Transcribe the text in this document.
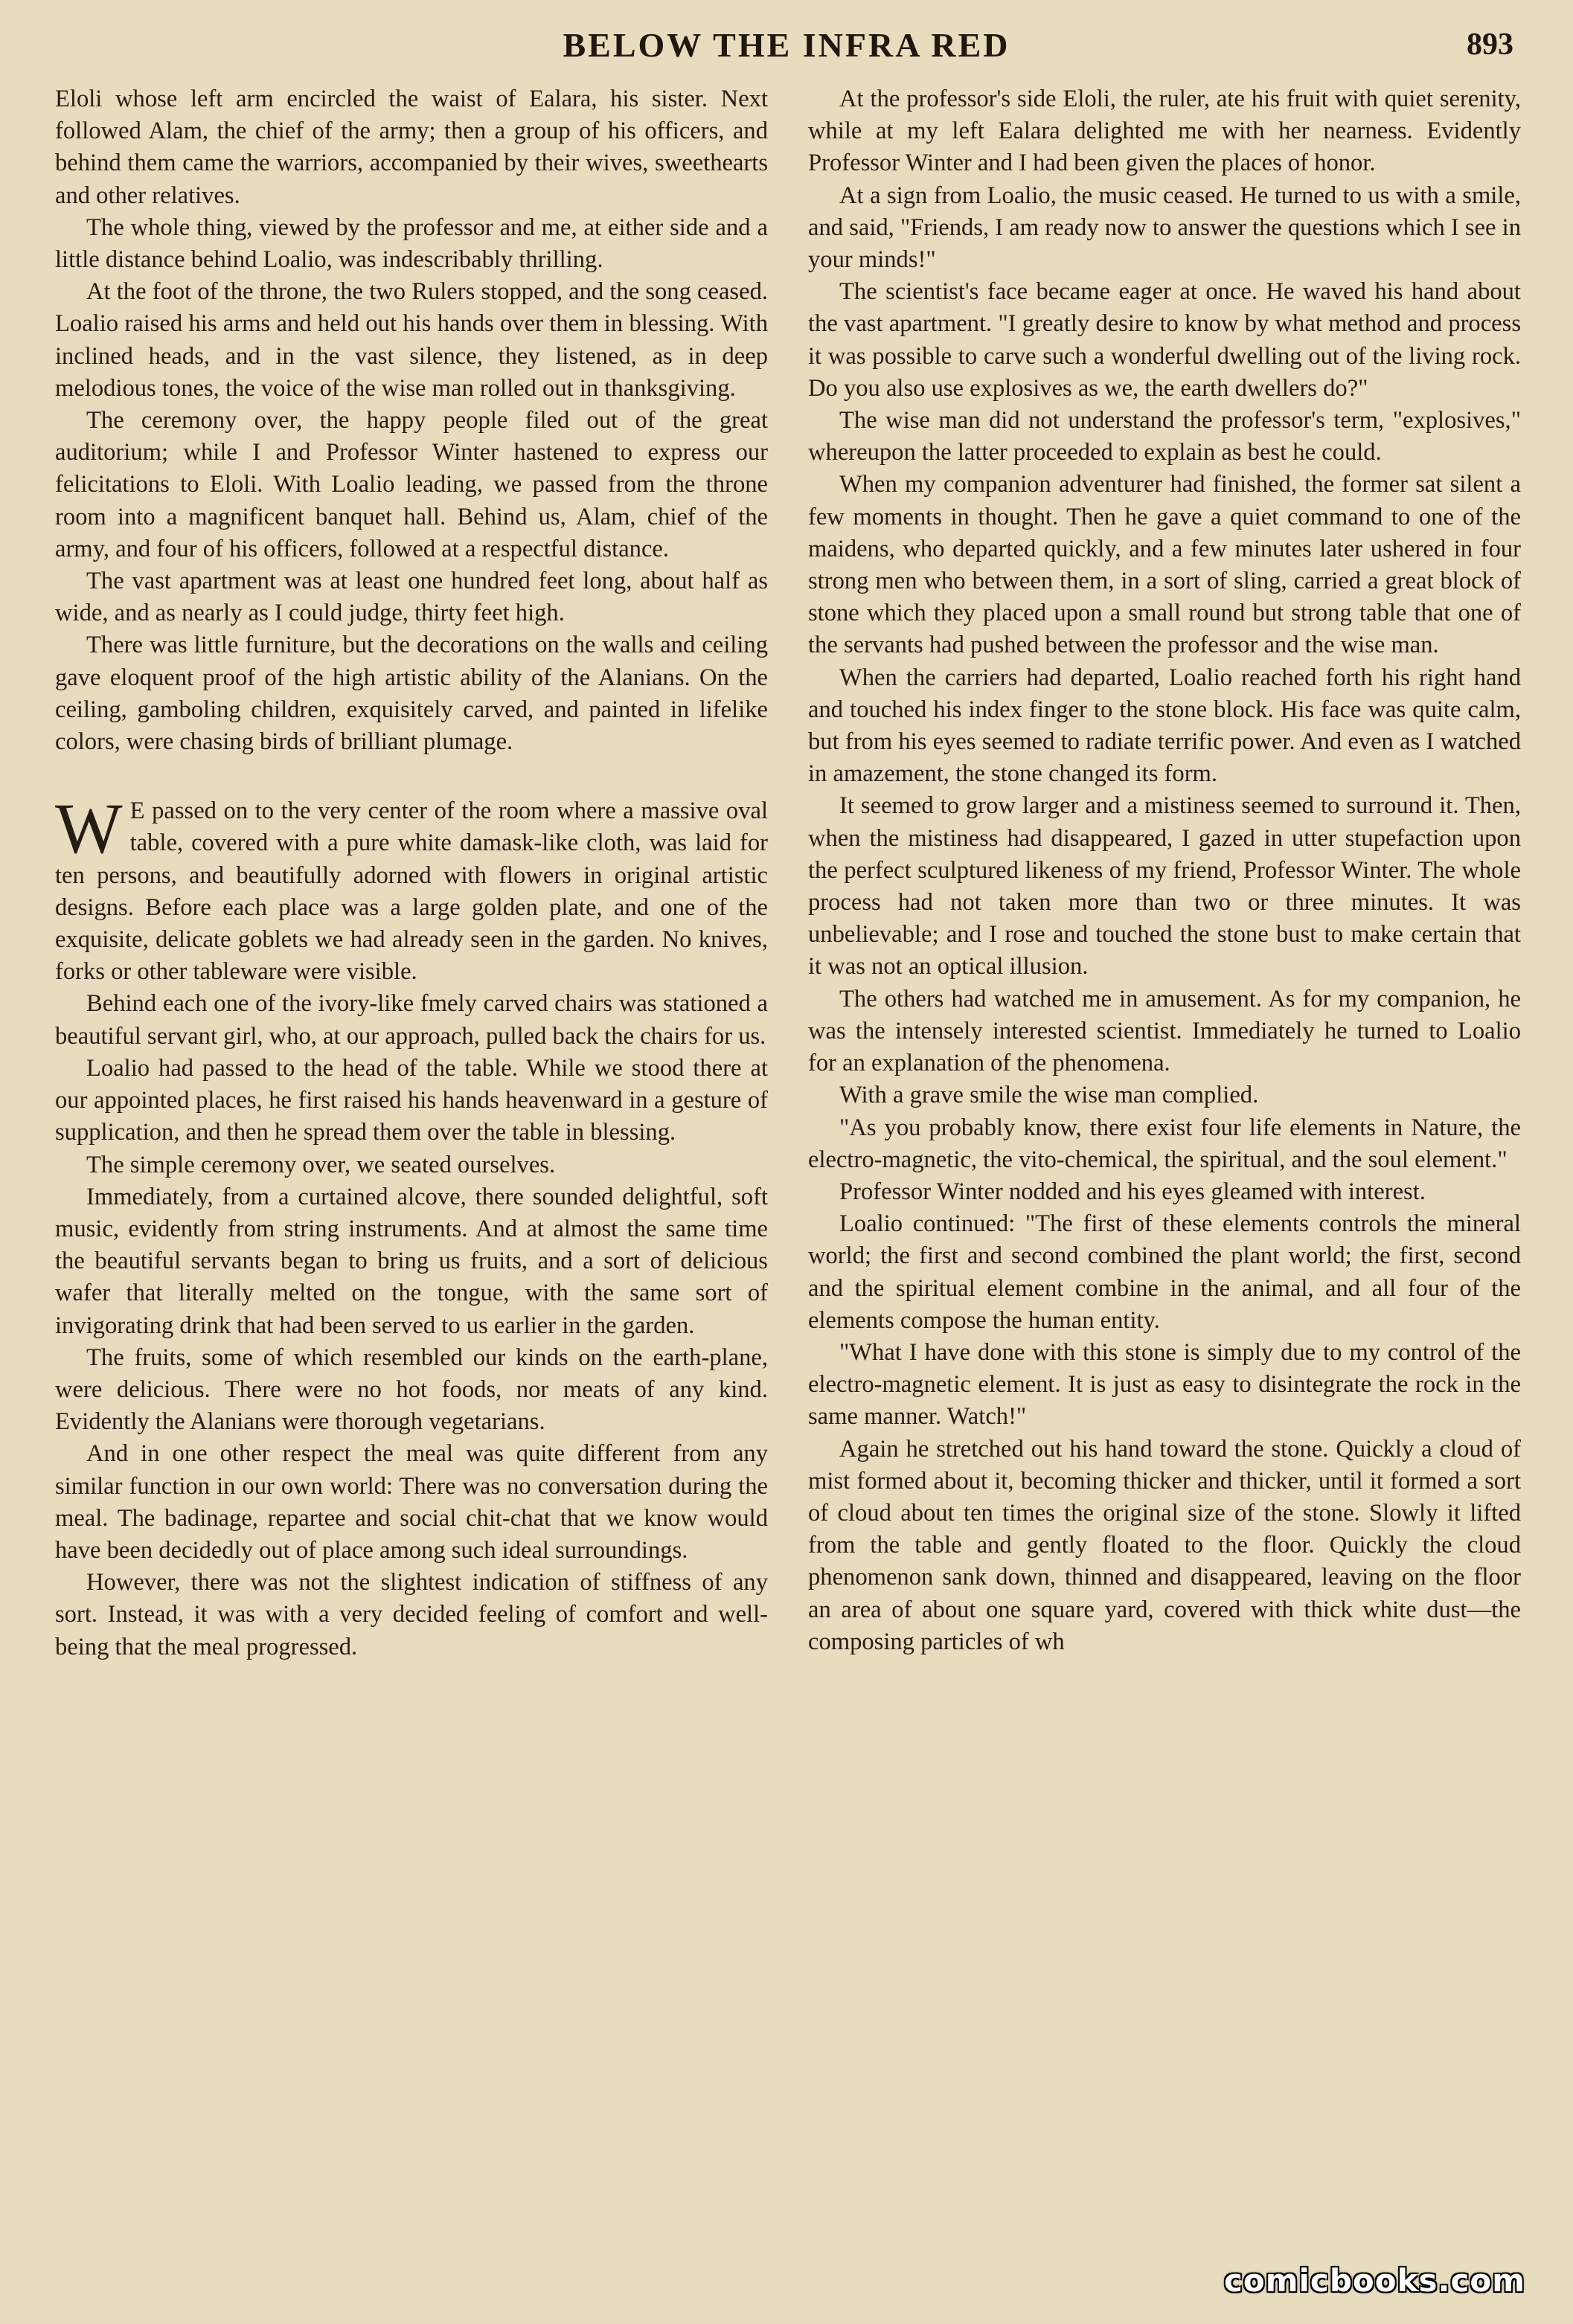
BELOW THE INFRA RED	893

Eloli whose left arm encircled the waist of Ealara, his sister. Next followed Alam, the chief of the army; then a group of his officers, and behind them came the warriors, accompanied by their wives, sweethearts and other relatives.

The whole thing, viewed by the professor and me, at either side and a little distance behind Loalio, was indescribably thrilling.

At the foot of the throne, the two Rulers stopped, and the song ceased. Loalio raised his arms and held out his hands over them in blessing. With inclined heads, and in the vast silence, they listened, as in deep melodious tones, the voice of the wise man rolled out in thanksgiving.

The ceremony over, the happy people filed out of the great auditorium; while I and Professor Winter hastened to express our felicitations to Eloli. With Loalio leading, we passed from the throne room into a magnificent banquet hall. Behind us, Alam, chief of the army, and four of his officers, followed at a respectful distance.

The vast apartment was at least one hundred feet long, about half as wide, and as nearly as I could judge, thirty feet high.

There was little furniture, but the decorations on the walls and ceiling gave eloquent proof of the high artistic ability of the Alanians. On the ceiling, gamboling children, exquisitely carved, and painted in lifelike colors, were chasing birds of brilliant plumage.

W E passed on to the very center of the room where a massive oval table, covered with a pure white damask-like cloth, was laid for ten persons, and beautifully adorned with flowers in original artistic designs. Before each place was a large golden plate, and one of the exquisite, delicate goblets we had already seen in the garden. No knives, forks or other tableware were visible.

Behind each one of the ivory-like fmely carved chairs was stationed a beautiful servant girl, who, at our approach, pulled back the chairs for us.

Loalio had passed to the head of the table. While we stood there at our appointed places, he first raised his hands heavenward in a gesture of supplication, and then he spread them over the table in blessing.

The simple ceremony over, we seated ourselves.

Immediately, from a curtained alcove, there sounded delightful, soft music, evidently from string instruments. And at almost the same time the beautiful servants began to bring us fruits, and a sort of delicious wafer that literally melted on the tongue, with the same sort of invigorating drink that had been served to us earlier in the garden.

The fruits, some of which resembled our kinds on the earth-plane, were delicious. There were no hot foods, nor meats of any kind. Evidently the Alanians were thorough vegetarians.

And in one other respect the meal was quite different from any similar function in our own world: There was no conversation during the meal. The badinage, repartee and social chit-chat that we know would have been decidedly out of place among such ideal surroundings.

However, there was not the slightest indication of stiffness of any sort. Instead, it was with a very decided feeling of comfort and well-being that the meal progressed.

At the professor's side Eloli, the ruler, ate his fruit with quiet serenity, while at my left Ealara delighted me with her nearness. Evidently Professor Winter and I had been given the places of honor.

At a sign from Loalio, the music ceased. He turned to us with a smile, and said, "Friends, I am ready now to answer the questions which I see in your minds!"

The scientist's face became eager at once. He waved his hand about the vast apartment. "I greatly desire to know by what method and process it was possible to carve such a wonderful dwelling out of the living rock. Do you also use explosives as we, the earth dwellers do?"

The wise man did not understand the professor's term, "explosives," whereupon the latter proceeded to explain as best he could.

When my companion adventurer had finished, the former sat silent a few moments in thought. Then he gave a quiet command to one of the maidens, who departed quickly, and a few minutes later ushered in four strong men who between them, in a sort of sling, carried a great block of stone which they placed upon a small round but strong table that one of the servants had pushed between the professor and the wise man.

When the carriers had departed, Loalio reached forth his right hand and touched his index finger to the stone block. His face was quite calm, but from his eyes seemed to radiate terrific power. And even as I watched in amazement, the stone changed its form.

It seemed to grow larger and a mistiness seemed to surround it. Then, when the mistiness had disappeared, I gazed in utter stupefaction upon the perfect sculptured likeness of my friend, Professor Winter. The whole process had not taken more than two or three minutes. It was unbelievable; and I rose and touched the stone bust to make certain that it was not an optical illusion.

The others had watched me in amusement. As for my companion, he was the intensely interested scientist. Immediately he turned to Loalio for an explanation of the phenomena.

With a grave smile the wise man complied.

"As you probably know, there exist four life elements in Nature, the electro-magnetic, the vito-chemical, the spiritual, and the soul element."

Professor Winter nodded and his eyes gleamed with interest.

Loalio continued: "The first of these elements controls the mineral world; the first and second combined the plant world; the first, second and the spiritual element combine in the animal, and all four of the elements compose the human entity.

"What I have done with this stone is simply due to my control of the electro-magnetic element. It is just as easy to disintegrate the rock in the same manner. Watch!"

Again he stretched out his hand toward the stone. Quickly a cloud of mist formed about it, becoming thicker and thicker, until it formed a sort of cloud about ten times the original size of the stone. Slowly it lifted from the table and gently floated to the floor. Quickly the cloud phenomenon sank down, thinned and disappeared, leaving on the floor an area of about one square yard, covered with thick white dust—the composing particles of wh

comicbooks.com
